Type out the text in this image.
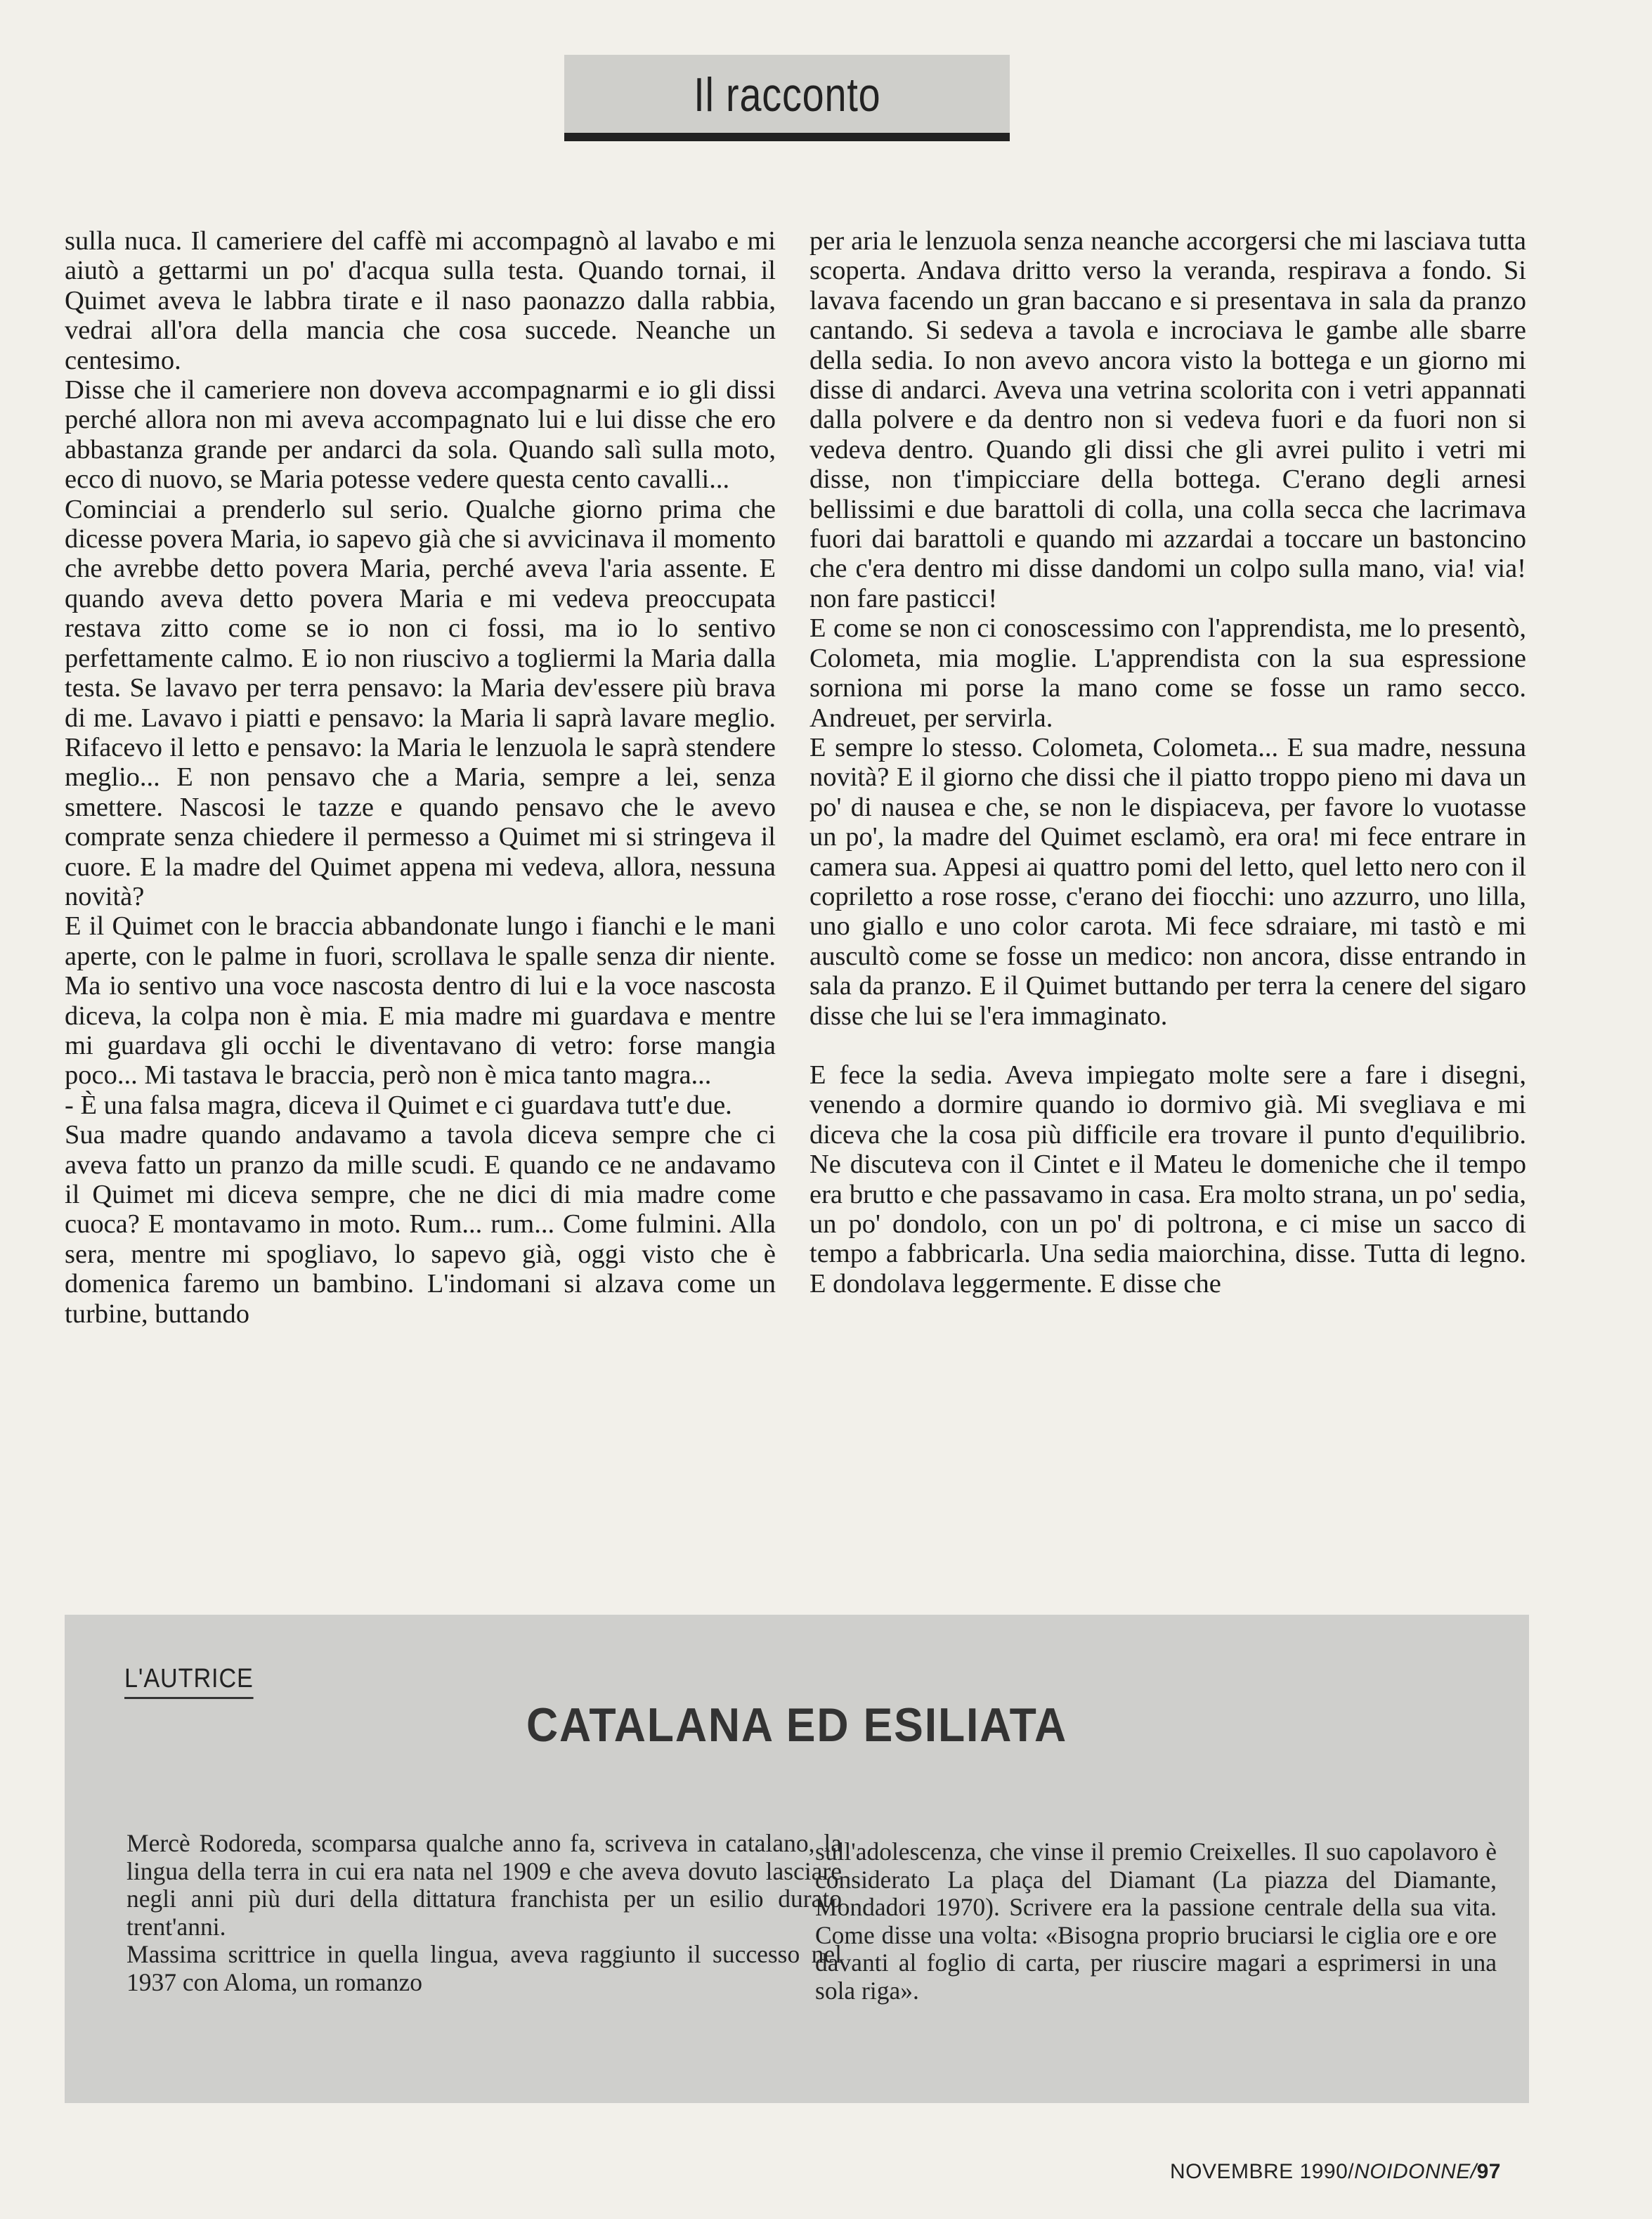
Il racconto

sulla nuca. Il cameriere del caffè mi accompagnò al lavabo e mi aiutò a gettarmi un po' d'acqua sulla testa. Quando tornai, il Quimet aveva le labbra tirate e il naso paonazzo dalla rabbia, vedrai all'ora della mancia che cosa succede. Neanche un centesimo.

Disse che il cameriere non doveva accompagnarmi e io gli dissi perché allora non mi aveva accompagnato lui e lui disse che ero abbastanza grande per andarci da sola. Quando salì sulla moto, ecco di nuovo, se Maria potesse vedere questa cento cavalli...

Cominciai a prenderlo sul serio. Qualche giorno prima che dicesse povera Maria, io sapevo già che si avvicinava il momento che avrebbe detto povera Maria, perché aveva l'aria assente. E quando aveva detto povera Maria e mi vedeva preoccupata restava zitto come se io non ci fossi, ma io lo sentivo perfettamente calmo. E io non riuscivo a togliermi la Maria dalla testa. Se lavavo per terra pensavo: la Maria dev'essere più brava di me. Lavavo i piatti e pensavo: la Maria li saprà lavare meglio. Rifacevo il letto e pensavo: la Maria le lenzuola le saprà stendere meglio... E non pensavo che a Maria, sempre a lei, senza smettere. Nascosi le tazze e quando pensavo che le avevo comprate senza chiedere il permesso a Quimet mi si stringeva il cuore. E la madre del Quimet appena mi vedeva, allora, nessuna novità?

E il Quimet con le braccia abbandonate lungo i fianchi e le mani aperte, con le palme in fuori, scrollava le spalle senza dir niente. Ma io sentivo una voce nascosta dentro di lui e la voce nascosta diceva, la colpa non è mia. E mia madre mi guardava e mentre mi guardava gli occhi le diventavano di vetro: forse mangia poco... Mi tastava le braccia, però non è mica tanto magra...

- È una falsa magra, diceva il Quimet e ci guardava tutt'e due.

Sua madre quando andavamo a tavola diceva sempre che ci aveva fatto un pranzo da mille scudi. E quando ce ne andavamo il Quimet mi diceva sempre, che ne dici di mia madre come cuoca? E montavamo in moto. Rum... rum... Come fulmini. Alla sera, mentre mi spogliavo, lo sapevo già, oggi visto che è domenica faremo un bambino. L'indomani si alzava come un turbine, buttando

per aria le lenzuola senza neanche accorgersi che mi lasciava tutta scoperta. Andava dritto verso la veranda, respirava a fondo. Si lavava facendo un gran baccano e si presentava in sala da pranzo cantando. Si sedeva a tavola e incrociava le gambe alle sbarre della sedia. Io non avevo ancora visto la bottega e un giorno mi disse di andarci. Aveva una vetrina scolorita con i vetri appannati dalla polvere e da dentro non si vedeva fuori e da fuori non si vedeva dentro. Quando gli dissi che gli avrei pulito i vetri mi disse, non t'impicciare della bottega. C'erano degli arnesi bellissimi e due barattoli di colla, una colla secca che lacrimava fuori dai barattoli e quando mi azzardai a toccare un bastoncino che c'era dentro mi disse dandomi un colpo sulla mano, via! via! non fare pasticci!

E come se non ci conoscessimo con l'apprendista, me lo presentò, Colometa, mia moglie. L'apprendista con la sua espressione sorniona mi porse la mano come se fosse un ramo secco. Andreuet, per servirla.

E sempre lo stesso. Colometa, Colometa... E sua madre, nessuna novità? E il giorno che dissi che il piatto troppo pieno mi dava un po' di nausea e che, se non le dispiaceva, per favore lo vuotasse un po', la madre del Quimet esclamò, era ora! mi fece entrare in camera sua. Appesi ai quattro pomi del letto, quel letto nero con il copriletto a rose rosse, c'erano dei fiocchi: uno azzurro, uno lilla, uno giallo e uno color carota. Mi fece sdraiare, mi tastò e mi auscultò come se fosse un medico: non ancora, disse entrando in sala da pranzo. E il Quimet buttando per terra la cenere del sigaro disse che lui se l'era immaginato.

E fece la sedia. Aveva impiegato molte sere a fare i disegni, venendo a dormire quando io dormivo già. Mi svegliava e mi diceva che la cosa più difficile era trovare il punto d'equilibrio. Ne discuteva con il Cintet e il Mateu le domeniche che il tempo era brutto e che passavamo in casa. Era molto strana, un po' sedia, un po' dondolo, con un po' di poltrona, e ci mise un sacco di tempo a fabbricarla. Una sedia maiorchina, disse. Tutta di legno. E dondolava leggermente. E disse che

L'AUTRICE
CATALANA ED ESILIATA

Mercè Rodoreda, scomparsa qualche anno fa, scriveva in catalano, la lingua della terra in cui era nata nel 1909 e che aveva dovuto lasciare negli anni più duri della dittatura franchista per un esilio durato trent'anni.

Massima scrittrice in quella lingua, aveva raggiunto il successo nel 1937 con Aloma, un romanzo

sull'adolescenza, che vinse il premio Creixelles. Il suo capolavoro è considerato La plaça del Diamant (La piazza del Diamante, Mondadori 1970). Scrivere era la passione centrale della sua vita. Come disse una volta: «Bisogna proprio bruciarsi le ciglia ore e ore davanti al foglio di carta, per riuscire magari a esprimersi in una sola riga».

NOVEMBRE 1990/NOIDONNE/97
